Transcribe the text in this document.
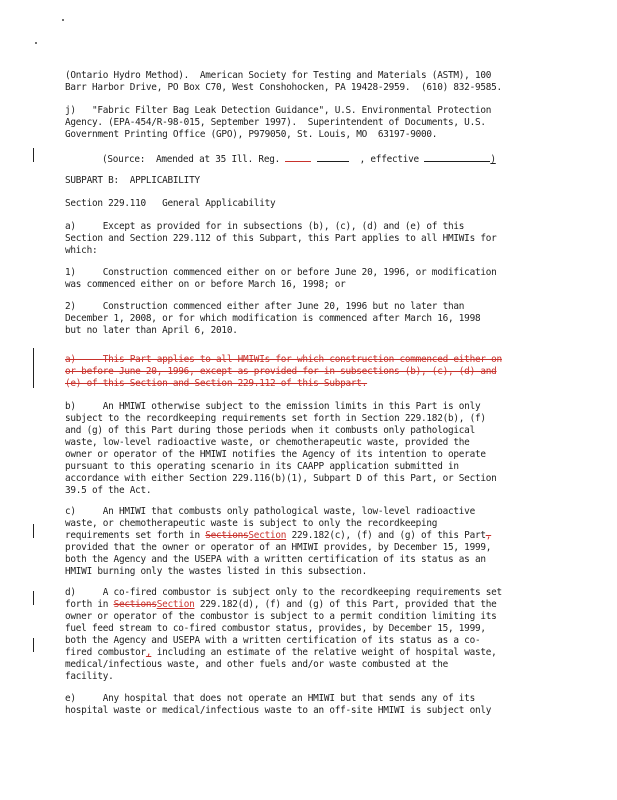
(Ontario Hydro Method).  American Society for Testing and Materials (ASTM), 100
Barr Harbor Drive, PO Box C70, West Conshohocken, PA 19428-2959.  (610) 832-9585.
j)   "Fabric Filter Bag Leak Detection Guidance", U.S. Environmental Protection
Agency. (EPA-454/R-98-015, September 1997).  Superintendent of Documents, U.S.
Government Printing Office (GPO), P979050, St. Louis, MO  63197-9000.
(Source:  Amended at 35 Ill. Reg.	, effective	)
SUBPART B:  APPLICABILITY
Section 229.110   General Applicability
a)     Except as provided for in subsections (b), (c), (d) and (e) of this
Section and Section 229.112 of this Subpart, this Part applies to all HMIWIs for
which:
1)     Construction commenced either on or before June 20, 1996, or modification
was commenced either on or before March 16, 1998; or
2)     Construction commenced either after June 20, 1996 but no later than
December 1, 2008, or for which modification is commenced after March 16, 1998
but no later than April 6, 2010.
a)     This Part applies to all HMIWIs for which construction commenced either on
or before June 20, 1996, except as provided for in subsections (b), (c), (d) and
(e) of this Section and Section 229.112 of this Subpart.
b)     An HMIWI otherwise subject to the emission limits in this Part is only
subject to the recordkeeping requirements set forth in Section 229.182(b), (f)
and (g) of this Part during those periods when it combusts only pathological
waste, low-level radioactive waste, or chemotherapeutic waste, provided the
owner or operator of the HMIWI notifies the Agency of its intention to operate
pursuant to this operating scenario in its CAAPP application submitted in
accordance with either Section 229.116(b)(1), Subpart D of this Part, or Section
39.5 of the Act.
c)     An HMIWI that combusts only pathological waste, low-level radioactive
waste, or chemotherapeutic waste is subject to only the recordkeeping
requirements set forth in SectionsSection 229.182(c), (f) and (g) of this Part,
provided that the owner or operator of an HMIWI provides, by December 15, 1999,
both the Agency and the USEPA with a written certification of its status as an
HMIWI burning only the wastes listed in this subsection.
d)     A co-fired combustor is subject only to the recordkeeping requirements set
forth in SectionsSection 229.182(d), (f) and (g) of this Part, provided that the
owner or operator of the combustor is subject to a permit condition limiting its
fuel feed stream to co-fired combustor status, provides, by December 15, 1999,
both the Agency and USEPA with a written certification of its status as a co-
fired combustor, including an estimate of the relative weight of hospital waste,
medical/infectious waste, and other fuels and/or waste combusted at the
facility.
e)     Any hospital that does not operate an HMIWI but that sends any of its
hospital waste or medical/infectious waste to an off-site HMIWI is subject only
